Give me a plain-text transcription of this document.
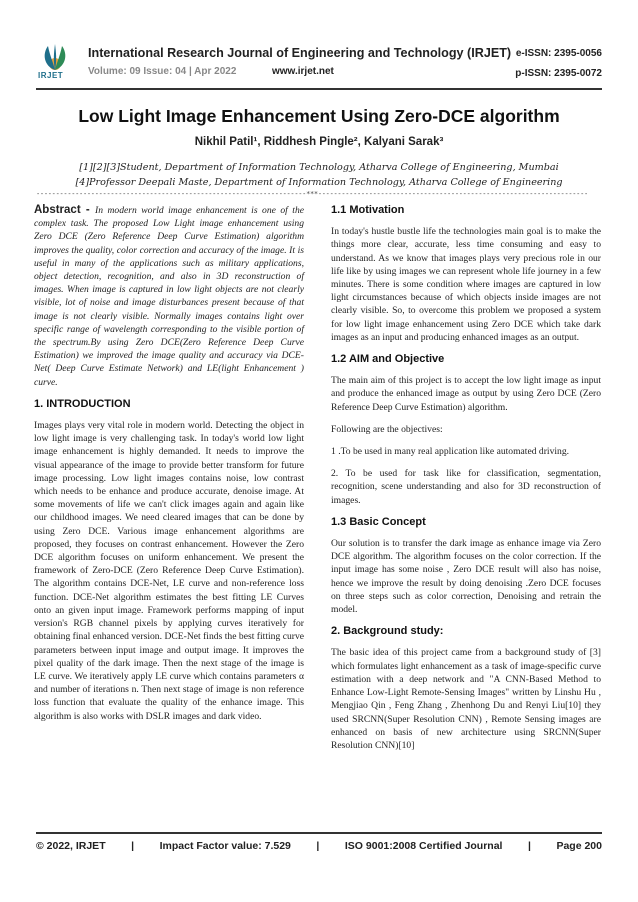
IRJET
International Research Journal of Engineering and Technology (IRJET) e-ISSN: 2395-0056
Volume: 09 Issue: 04 | Apr 2022	www.irjet.net	p-ISSN: 2395-0072
Low Light Image Enhancement Using Zero-DCE algorithm
Nikhil Patil¹, Riddhesh Pingle², Kalyani Sarak³
[1][2][3]Student, Department of Information Technology, Atharva College of Engineering, Mumbai
[4]Professor Deepali Maste, Department of Information Technology, Atharva College of Engineering
---------------------------------------------------------------------***---------------------------------------------------------------------

Abstract - In modern world image enhancement is one of the complex task. The proposed Low Light image enhancement using Zero DCE (Zero Reference Deep Curve Estimation) algorithm improves the quality, color correction and accuracy of the image. It is useful in many of the applications such as military applications, object detection, recognition, and also in 3D reconstruction of images. When image is captured in low light objects are not clearly visible, lot of noise and image disturbances present because of that image is not clearly visible. Normally images contains light over specific range of wavelength corresponding to the visible portion of the spectrum.By using Zero DCE(Zero Reference Deep Curve Estimation) we improved the image quality and accuracy via DCE-Net( Deep Curve Estimate Network) and LE(light Enhancement ) curve.

1. INTRODUCTION

Images plays very vital role in modern world. Detecting the object in low light image is very challenging task. In today's world low light image enhancement is highly demanded. It needs to improve the visual appearance of the image to provide better transform for future image processing. Low light images contains noise, low contrast which needs to be enhance and produce accurate, denoise image. At some movements of life we can't click images again and again like our childhood images. We need cleared images that can be done by using Zero DCE. Various image enhancement algorithms are proposed, they focuses on contrast enhancement. However the Zero DCE algorithm focuses on uniform enhancement. We present the framework of Zero-DCE (Zero Reference Deep Curve Estimation). The algorithm contains DCE-Net, LE curve and non-reference loss function. DCE-Net algorithm estimates the best fitting LE Curves onto an given input image. Framework performs mapping of input version's RGB channel pixels by applying curves iteratively for obtaining final enhanced version. DCE-Net finds the best fitting curve parameters between input image and output image. It improves the pixel quality of the dark image. Then the next stage of the image is LE curve. We iteratively apply LE curve which contains parameters α and number of iterations n. Then next stage of image is non reference loss function that evaluate the quality of the enhance image. This algorithm is also works with DSLR images and dark video.

1.1 Motivation

In today's hustle bustle life the technologies main goal is to make the things more clear, accurate, less time consuming and easy to understand. As we know that images plays very precious role in our life like by using images we can represent whole life journey in a few minutes. There is some condition where images are captured in low light circumstances because of which objects inside images are not clearly visible. So, to overcome this problem we proposed a system for low light image enhancement using Zero DCE which take dark images as an input and producing enhanced images as an output.

1.2 AIM and Objective

The main aim of this project is to accept the low light image as input and produce the enhanced image as output by using Zero DCE (Zero Reference Deep Curve Estimation) algorithm.

Following are the objectives:

1 .To be used in many real application like automated driving.

2. To be used for task like for classification, segmentation, recognition, scene understanding and also for 3D reconstruction of images.

1.3 Basic Concept

Our solution is to transfer the dark image as enhance image via Zero DCE algorithm. The algorithm focuses on the color correction. If the input image has some noise , Zero DCE result will also has noise, hence we improve the result by doing denoising .Zero DCE focuses on three steps such as color correction, Denoising and retrain the model.

2. Background study:

The basic idea of this project came from a background study of [3] which formulates light enhancement as a task of image-specific curve estimation with a deep network and "A CNN-Based Method to Enhance Low-Light Remote-Sensing Images" written by Linshu Hu , Mengjiao Qin , Feng Zhang , Zhenhong Du and Renyi Liu[10] they used SRCNN(Super Resolution CNN) , Remote Sensing images are enhanced on basis of new architecture using SRCNN(Super Resolution CNN)[10]

© 2022, IRJET | Impact Factor value: 7.529 | ISO 9001:2008 Certified Journal | Page 200
